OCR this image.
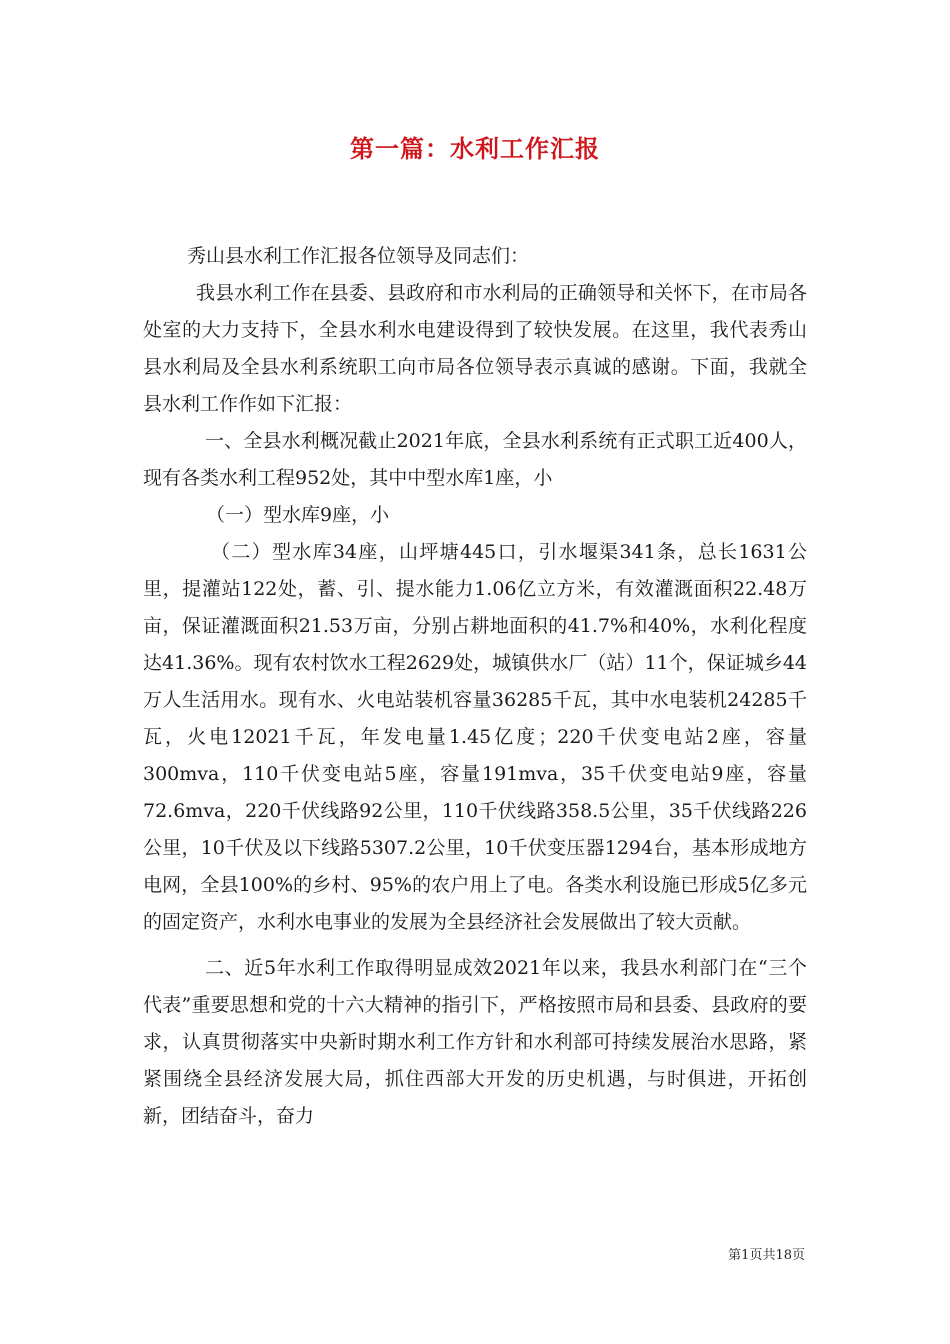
第一篇：水利工作汇报

秀山县水利工作汇报各位领导及同志们：

我县水利工作在县委、县政府和市水利局的正确领导和关怀下，在市局各处室的大力支持下，全县水利水电建设得到了较快发展。在这里，我代表秀山县水利局及全县水利系统职工向市局各位领导表示真诚的感谢。下面，我就全县水利工作作如下汇报：

一、全县水利概况截止2021年底，全县水利系统有正式职工近400人，现有各类水利工程952处，其中中型水库1座，小

（一）型水库9座，小

（二）型水库34座，山坪塘445口，引水堰渠341条，总长1631公里，提灌站122处，蓄、引、提水能力1.06亿立方米，有效灌溉面积22.48万亩，保证灌溉面积21.53万亩，分别占耕地面积的41.7%和40%，水利化程度达41.36%。现有农村饮水工程2629处，城镇供水厂（站）11个，保证城乡44万人生活用水。现有水、火电站装机容量36285千瓦，其中水电装机24285千瓦，火电12021千瓦，年发电量1.45亿度；220千伏变电站2座，容量300mva，110千伏变电站5座，容量191mva，35千伏变电站9座，容量72.6mva，220千伏线路92公里，110千伏线路358.5公里，35千伏线路226公里，10千伏及以下线路5307.2公里，10千伏变压器1294台，基本形成地方电网，全县100%的乡村、95%的农户用上了电。各类水利设施已形成5亿多元的固定资产，水利水电事业的发展为全县经济社会发展做出了较大贡献。

二、近5年水利工作取得明显成效2021年以来，我县水利部门在“三个代表”重要思想和党的十六大精神的指引下，严格按照市局和县委、县政府的要求，认真贯彻落实中央新时期水利工作方针和水利部可持续发展治水思路，紧紧围绕全县经济发展大局，抓住西部大开发的历史机遇，与时俱进，开拓创新，团结奋斗，奋力

第1页共18页
